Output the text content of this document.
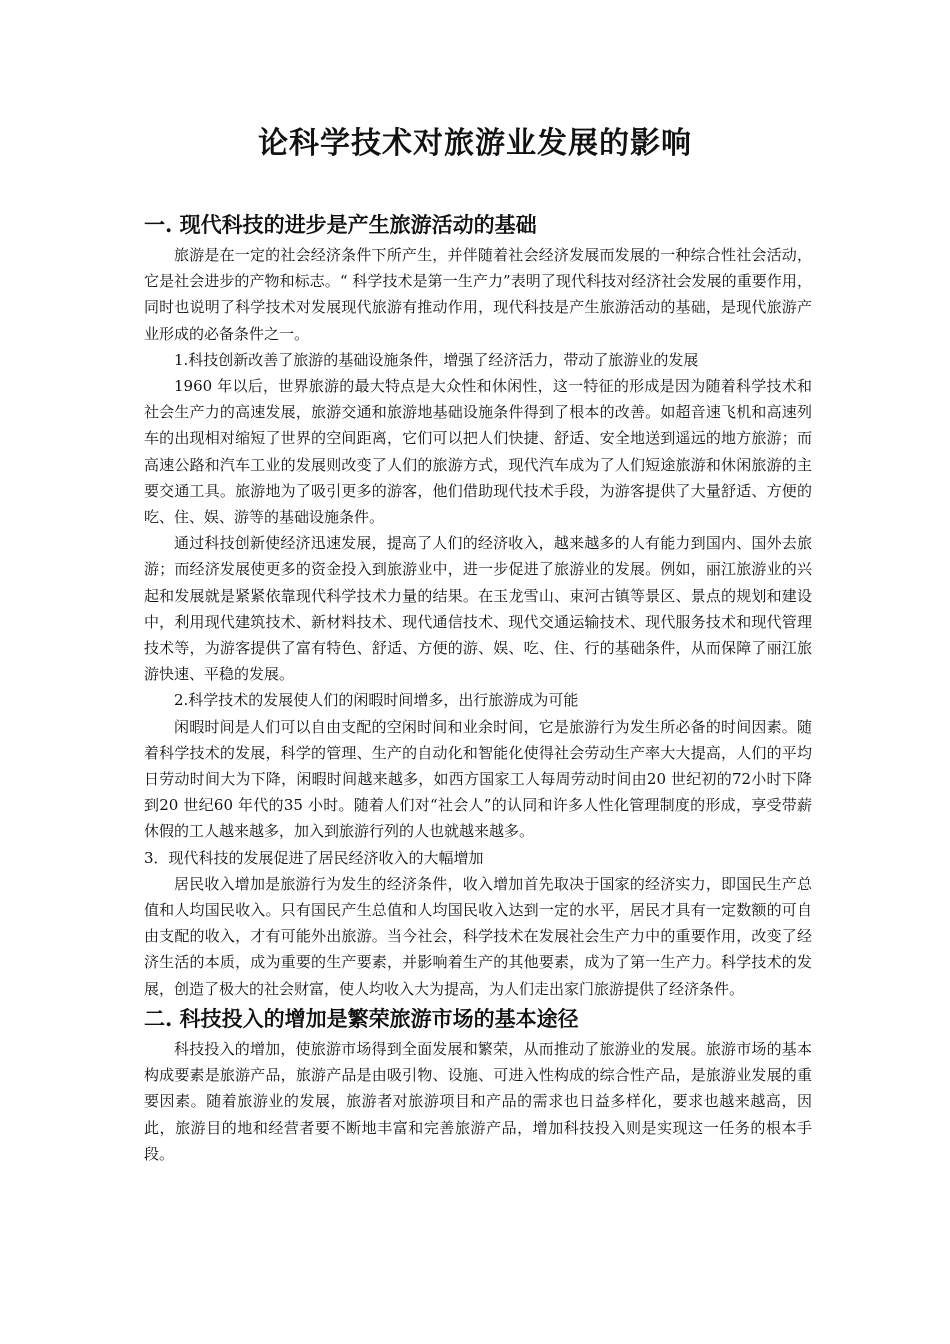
论科学技术对旅游业发展的影响
一. 现代科技的进步是产生旅游活动的基础

旅游是在一定的社会经济条件下所产生，并伴随着社会经济发展而发展的一种综合性社会活动，它是社会进步的产物和标志。“ 科学技术是第一生产力”表明了现代科技对经济社会发展的重要作用，同时也说明了科学技术对发展现代旅游有推动作用，现代科技是产生旅游活动的基础，是现代旅游产业形成的必备条件之一。

1.科技创新改善了旅游的基础设施条件，增强了经济活力，带动了旅游业的发展

1960 年以后，世界旅游的最大特点是大众性和休闲性，这一特征的形成是因为随着科学技术和社会生产力的高速发展，旅游交通和旅游地基础设施条件得到了根本的改善。如超音速飞机和高速列车的出现相对缩短了世界的空间距离，它们可以把人们快捷、舒适、安全地送到遥远的地方旅游；而高速公路和汽车工业的发展则改变了人们的旅游方式，现代汽车成为了人们短途旅游和休闲旅游的主要交通工具。旅游地为了吸引更多的游客，他们借助现代技术手段，为游客提供了大量舒适、方便的吃、住、娱、游等的基础设施条件。

通过科技创新使经济迅速发展，提高了人们的经济收入，越来越多的人有能力到国内、国外去旅游；而经济发展使更多的资金投入到旅游业中，进一步促进了旅游业的发展。例如，丽江旅游业的兴起和发展就是紧紧依靠现代科学技术力量的结果。在玉龙雪山、束河古镇等景区、景点的规划和建设中，利用现代建筑技术、新材料技术、现代通信技术、现代交通运输技术、现代服务技术和现代管理技术等，为游客提供了富有特色、舒适、方便的游、娱、吃、住、行的基础条件，从而保障了丽江旅游快速、平稳的发展。

2.科学技术的发展使人们的闲暇时间增多，出行旅游成为可能

闲暇时间是人们可以自由支配的空闲时间和业余时间，它是旅游行为发生所必备的时间因素。随着科学技术的发展，科学的管理、生产的自动化和智能化使得社会劳动生产率大大提高，人们的平均日劳动时间大为下降，闲暇时间越来越多，如西方国家工人每周劳动时间由20 世纪初的72小时下降到20 世纪60 年代的35 小时。随着人们对“社会人”的认同和许多人性化管理制度的形成，享受带薪休假的工人越来越多，加入到旅游行列的人也就越来越多。

3．现代科技的发展促进了居民经济收入的大幅增加

居民收入增加是旅游行为发生的经济条件，收入增加首先取决于国家的经济实力，即国民生产总值和人均国民收入。只有国民产生总值和人均国民收入达到一定的水平，居民才具有一定数额的可自由支配的收入，才有可能外出旅游。当今社会，科学技术在发展社会生产力中的重要作用，改变了经济生活的本质，成为重要的生产要素，并影响着生产的其他要素，成为了第一生产力。科学技术的发展，创造了极大的社会财富，使人均收入大为提高，为人们走出家门旅游提供了经济条件。

二. 科技投入的增加是繁荣旅游市场的基本途径

科技投入的增加，使旅游市场得到全面发展和繁荣，从而推动了旅游业的发展。旅游市场的基本构成要素是旅游产品，旅游产品是由吸引物、设施、可进入性构成的综合性产品，是旅游业发展的重要因素。随着旅游业的发展，旅游者对旅游项目和产品的需求也日益多样化，要求也越来越高，因此，旅游目的地和经营者要不断地丰富和完善旅游产品，增加科技投入则是实现这一任务的根本手段。
